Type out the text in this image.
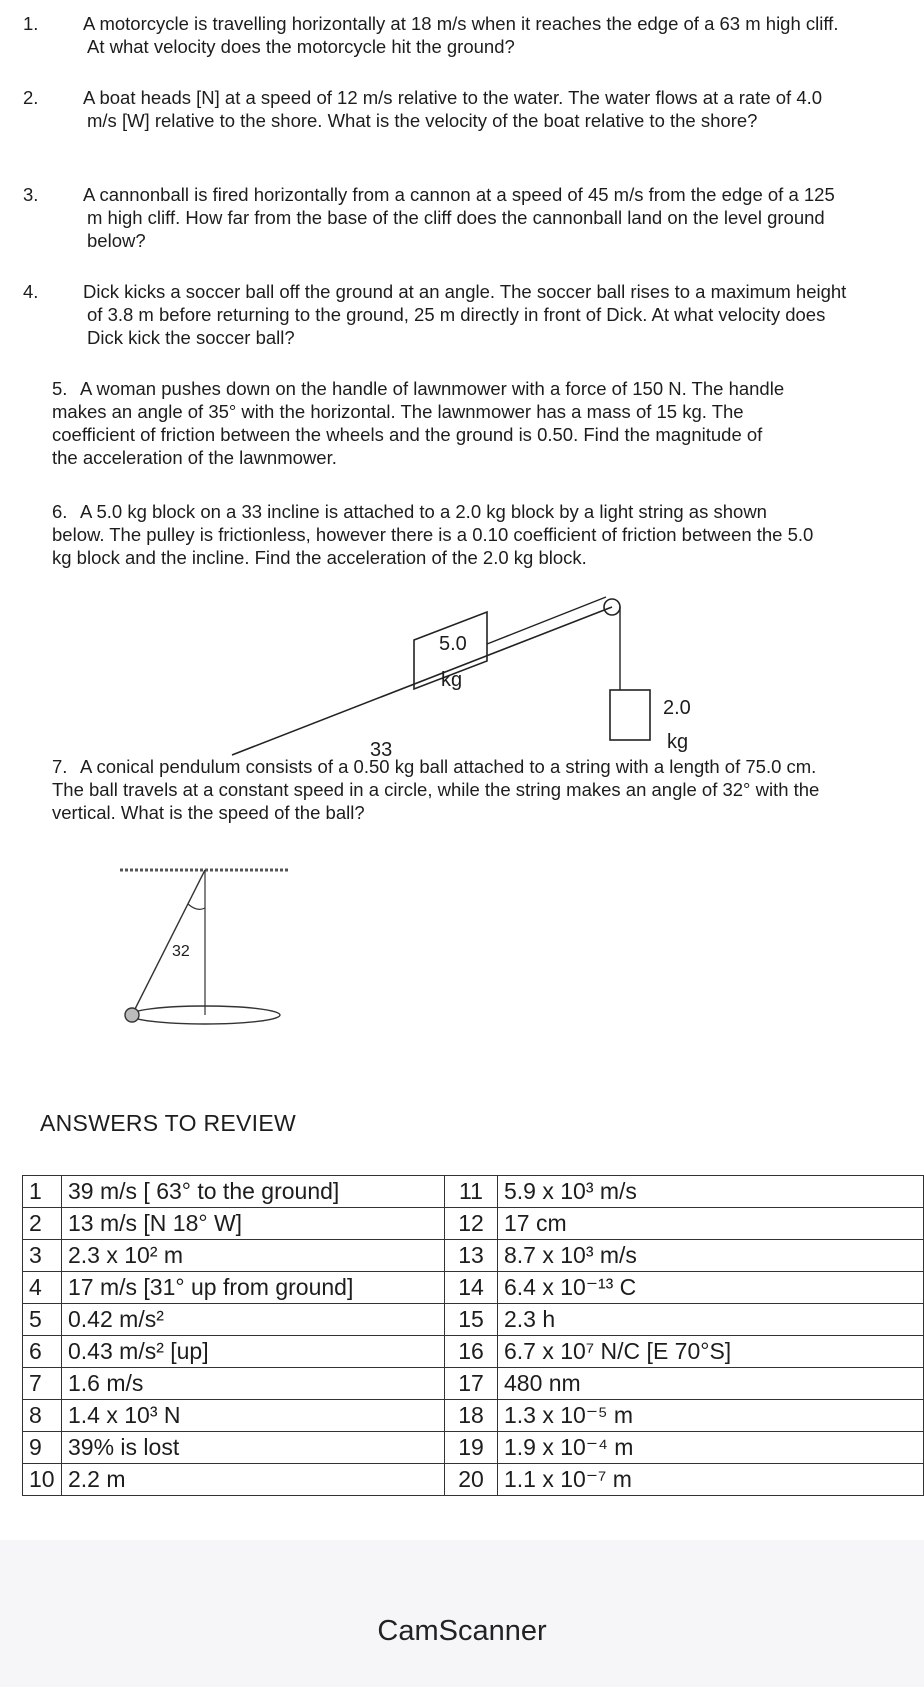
1. A motorcycle is travelling horizontally at 18 m/s when it reaches the edge of a 63 m high cliff. At what velocity does the motorcycle hit the ground?
2. A boat heads [N] at a speed of 12 m/s relative to the water. The water flows at a rate of 4.0 m/s [W] relative to the shore. What is the velocity of the boat relative to the shore?
3. A cannonball is fired horizontally from a cannon at a speed of 45 m/s from the edge of a 125 m high cliff. How far from the base of the cliff does the cannonball land on the level ground below?
4. Dick kicks a soccer ball off the ground at an angle. The soccer ball rises to a maximum height of 3.8 m before returning to the ground, 25 m directly in front of Dick. At what velocity does Dick kick the soccer ball?
5. A woman pushes down on the handle of lawnmower with a force of 150 N. The handle makes an angle of 35° with the horizontal. The lawnmower has a mass of 15 kg. The coefficient of friction between the wheels and the ground is 0.50. Find the magnitude of the acceleration of the lawnmower.
6. A 5.0 kg block on a 33 incline is attached to a 2.0 kg block by a light string as shown below. The pulley is frictionless, however there is a 0.10 coefficient of friction between the 5.0 kg block and the incline. Find the acceleration of the 2.0 kg block.
5.0
kg
2.0
kg
33
7. A conical pendulum consists of a 0.50 kg ball attached to a string with a length of 75.0 cm. The ball travels at a constant speed in a circle, while the string makes an angle of 32° with the vertical. What is the speed of the ball?
32
ANSWERS TO REVIEW
1	39 m/s [ 63° to the ground]	11	5.9 x 10³ m/s
2	13 m/s [N 18° W]	12	17 cm
3	2.3 x 10² m	13	8.7 x 10³ m/s
4	17 m/s [31° up from ground]	14	6.4 x 10⁻¹³ C
5	0.42 m/s²	15	2.3 h
6	0.43 m/s² [up]	16	6.7 x 10⁷ N/C [E 70°S]
7	1.6 m/s	17	480 nm
8	1.4 x 10³ N	18	1.3 x 10⁻⁵ m
9	39% is lost	19	1.9 x 10⁻⁴ m
10	2.2 m	20	1.1 x 10⁻⁷ m
CamScanner
